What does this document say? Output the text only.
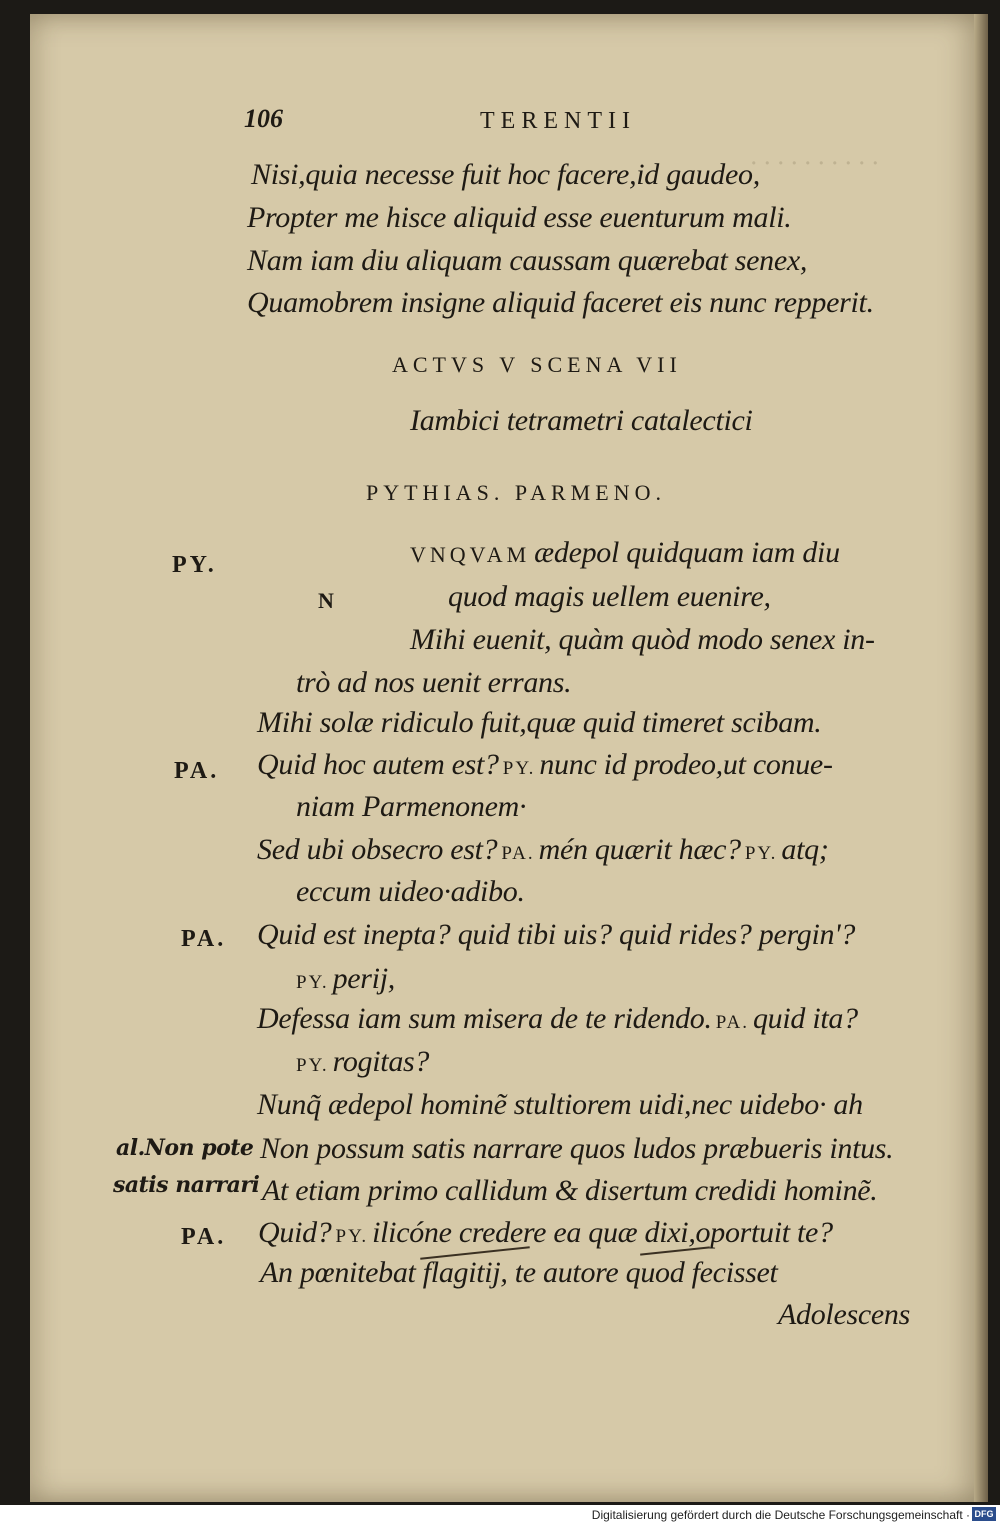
· · · · · · · · · ·
106	TERENTII
Nisi,quia necesse fuit hoc facere,id gaudeo,
Propter me hisce aliquid esse euenturum mali.
Nam iam diu aliquam caussam quærebat senex,
Quamobrem insigne aliquid faceret eis nunc repperit.
ACTVS V SCENA VII
Iambici tetrametri catalectici
PYTHIAS. PARMENO.
PY.
PA.
PA.
PA.
N
VNQVAM ædepol quidquam iam diu
quod magis uellem euenire,
Mihi euenit, quàm quòd modo senex in-
trò ad nos uenit errans.
Mihi solæ ridiculo fuit,quæ quid timeret scibam.
Quid hoc autem est? PY. nunc id prodeo,ut conue-
niam Parmenonem·
Sed ubi obsecro est? PA. mén quærit hæc? PY. atq;
eccum uideo·adibo.
Quid est inepta? quid tibi uis? quid rides? pergin'?
PY. perij,
Defessa iam sum misera de te ridendo. PA. quid ita?
PY. rogitas?
Nunq̃ ædepol hominẽ stultiorem uidi,nec uidebo· ah
Non possum satis narrare quos ludos præbueris intus.
At etiam primo callidum & disertum credidi hominẽ.
Quid? PY. ilicóne credere ea quæ dixi,oportuit te?
An pœnitebat flagitij, te autore quod fecisset
Adolescens
al.Non pote
satis narrari
Digitalisierung gefördert durch die Deutsche Forschungsgemeinschaft · DFG
